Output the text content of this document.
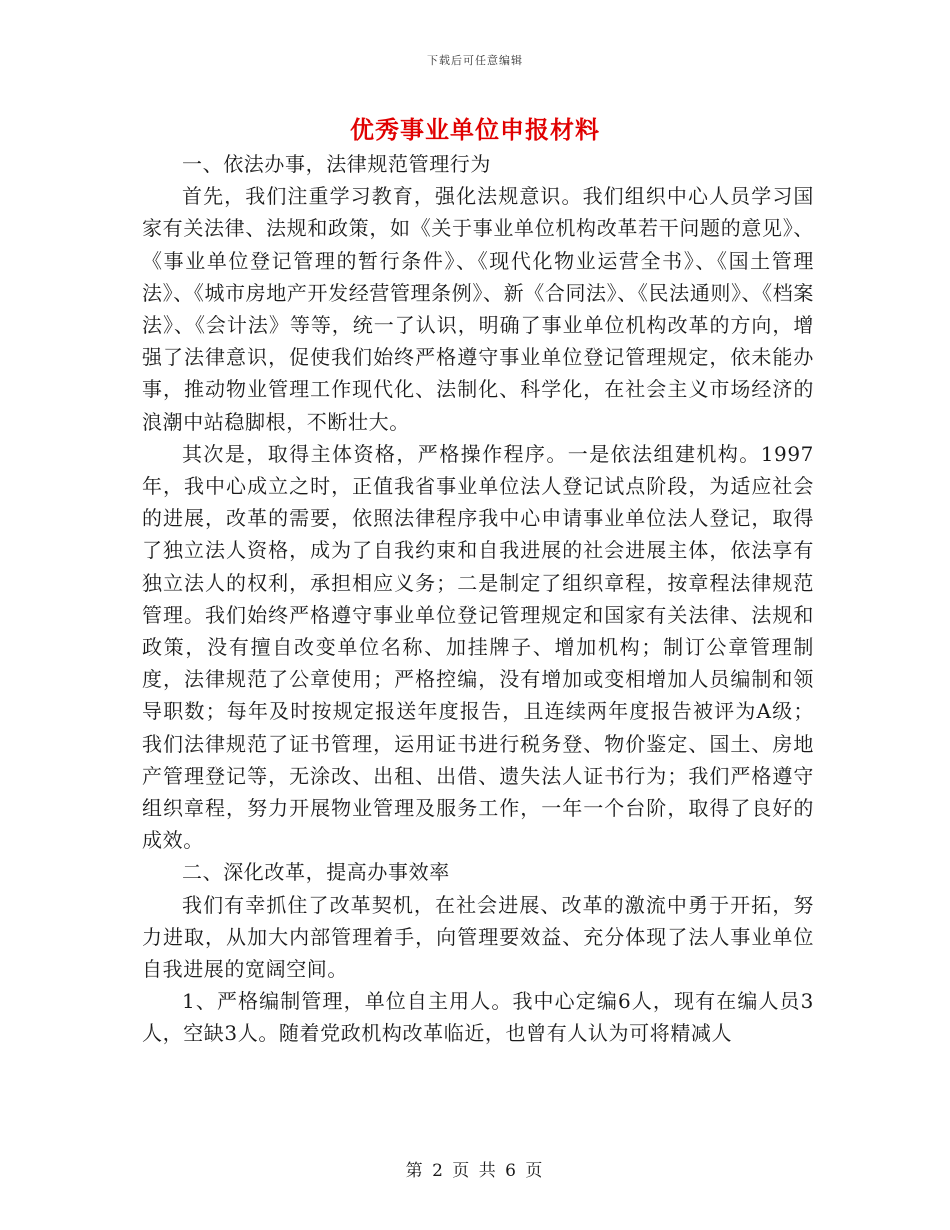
下载后可任意编辑
优秀事业单位申报材料

一、依法办事，法律规范管理行为

首先，我们注重学习教育，强化法规意识。我们组织中心人员学习国家有关法律、法规和政策，如《关于事业单位机构改革若干问题的意见》、《事业单位登记管理的暂行条件》、《现代化物业运营全书》、《国土管理法》、《城市房地产开发经营管理条例》、新《合同法》、《民法通则》、《档案法》、《会计法》等等，统一了认识，明确了事业单位机构改革的方向，增强了法律意识，促使我们始终严格遵守事业单位登记管理规定，依未能办事，推动物业管理工作现代化、法制化、科学化，在社会主义市场经济的浪潮中站稳脚根，不断壮大。

其次是，取得主体资格，严格操作程序。一是依法组建机构。1997年，我中心成立之时，正值我省事业单位法人登记试点阶段，为适应社会的进展，改革的需要，依照法律程序我中心申请事业单位法人登记，取得了独立法人资格，成为了自我约束和自我进展的社会进展主体，依法享有独立法人的权利，承担相应义务；二是制定了组织章程，按章程法律规范管理。我们始终严格遵守事业单位登记管理规定和国家有关法律、法规和政策，没有擅自改变单位名称、加挂牌子、增加机构；制订公章管理制度，法律规范了公章使用；严格控编，没有增加或变相增加人员编制和领导职数；每年及时按规定报送年度报告，且连续两年度报告被评为A级；我们法律规范了证书管理，运用证书进行税务登、物价鉴定、国土、房地产管理登记等，无涂改、出租、出借、遗失法人证书行为；我们严格遵守组织章程，努力开展物业管理及服务工作，一年一个台阶，取得了良好的成效。

二、深化改革，提高办事效率

我们有幸抓住了改革契机，在社会进展、改革的激流中勇于开拓，努力进取，从加大内部管理着手，向管理要效益、充分体现了法人事业单位自我进展的宽阔空间。

1、严格编制管理，单位自主用人。我中心定编6人，现有在编人员3人，空缺3人。随着党政机构改革临近，也曾有人认为可将精减人

第 2 页 共 6 页
